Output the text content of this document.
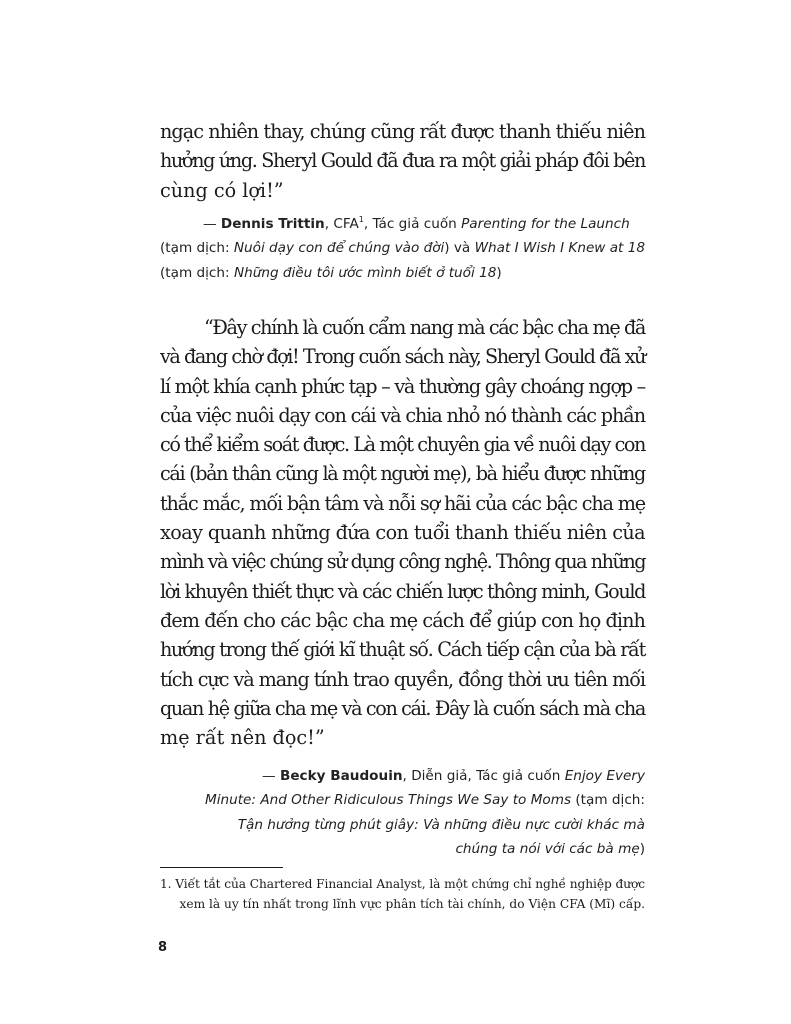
ngạc nhiên thay, chúng cũng rất được thanh thiếu niên
hưởng ứng. Sheryl Gould đã đưa ra một giải pháp đôi bên
cùng có lợi!”
— Dennis Trittin, CFA$^1$, Tác giả cuốn Parenting for the Launch
(tạm dịch: Nuôi dạy con để chúng vào đời) và What I Wish I Knew at 18
(tạm dịch: Những điều tôi ước mình biết ở tuổi 18)
“Đây chính là cuốn cẩm nang mà các bậc cha mẹ đã
và đang chờ đợi! Trong cuốn sách này, Sheryl Gould đã xử
lí một khía cạnh phức tạp – và thường gây choáng ngợp –
của việc nuôi dạy con cái và chia nhỏ nó thành các phần
có thể kiểm soát được. Là một chuyên gia về nuôi dạy con
cái (bản thân cũng là một người mẹ), bà hiểu được những
thắc mắc, mối bận tâm và nỗi sợ hãi của các bậc cha mẹ
xoay quanh những đứa con tuổi thanh thiếu niên của
mình và việc chúng sử dụng công nghệ. Thông qua những
lời khuyên thiết thực và các chiến lược thông minh, Gould
đem đến cho các bậc cha mẹ cách để giúp con họ định
hướng trong thế giới kĩ thuật số. Cách tiếp cận của bà rất
tích cực và mang tính trao quyền, đồng thời ưu tiên mối
quan hệ giữa cha mẹ và con cái. Đây là cuốn sách mà cha
mẹ rất nên đọc!”
— Becky Baudouin, Diễn giả, Tác giả cuốn Enjoy Every
Minute: And Other Ridiculous Things We Say to Moms (tạm dịch:
Tận hưởng từng phút giây: Và những điều nực cười khác mà
chúng ta nói với các bà mẹ)
1. Viết tắt của Chartered Financial Analyst, là một chứng chỉ nghề nghiệp được
xem là uy tín nhất trong lĩnh vực phân tích tài chính, do Viện CFA (Mĩ) cấp.
8
